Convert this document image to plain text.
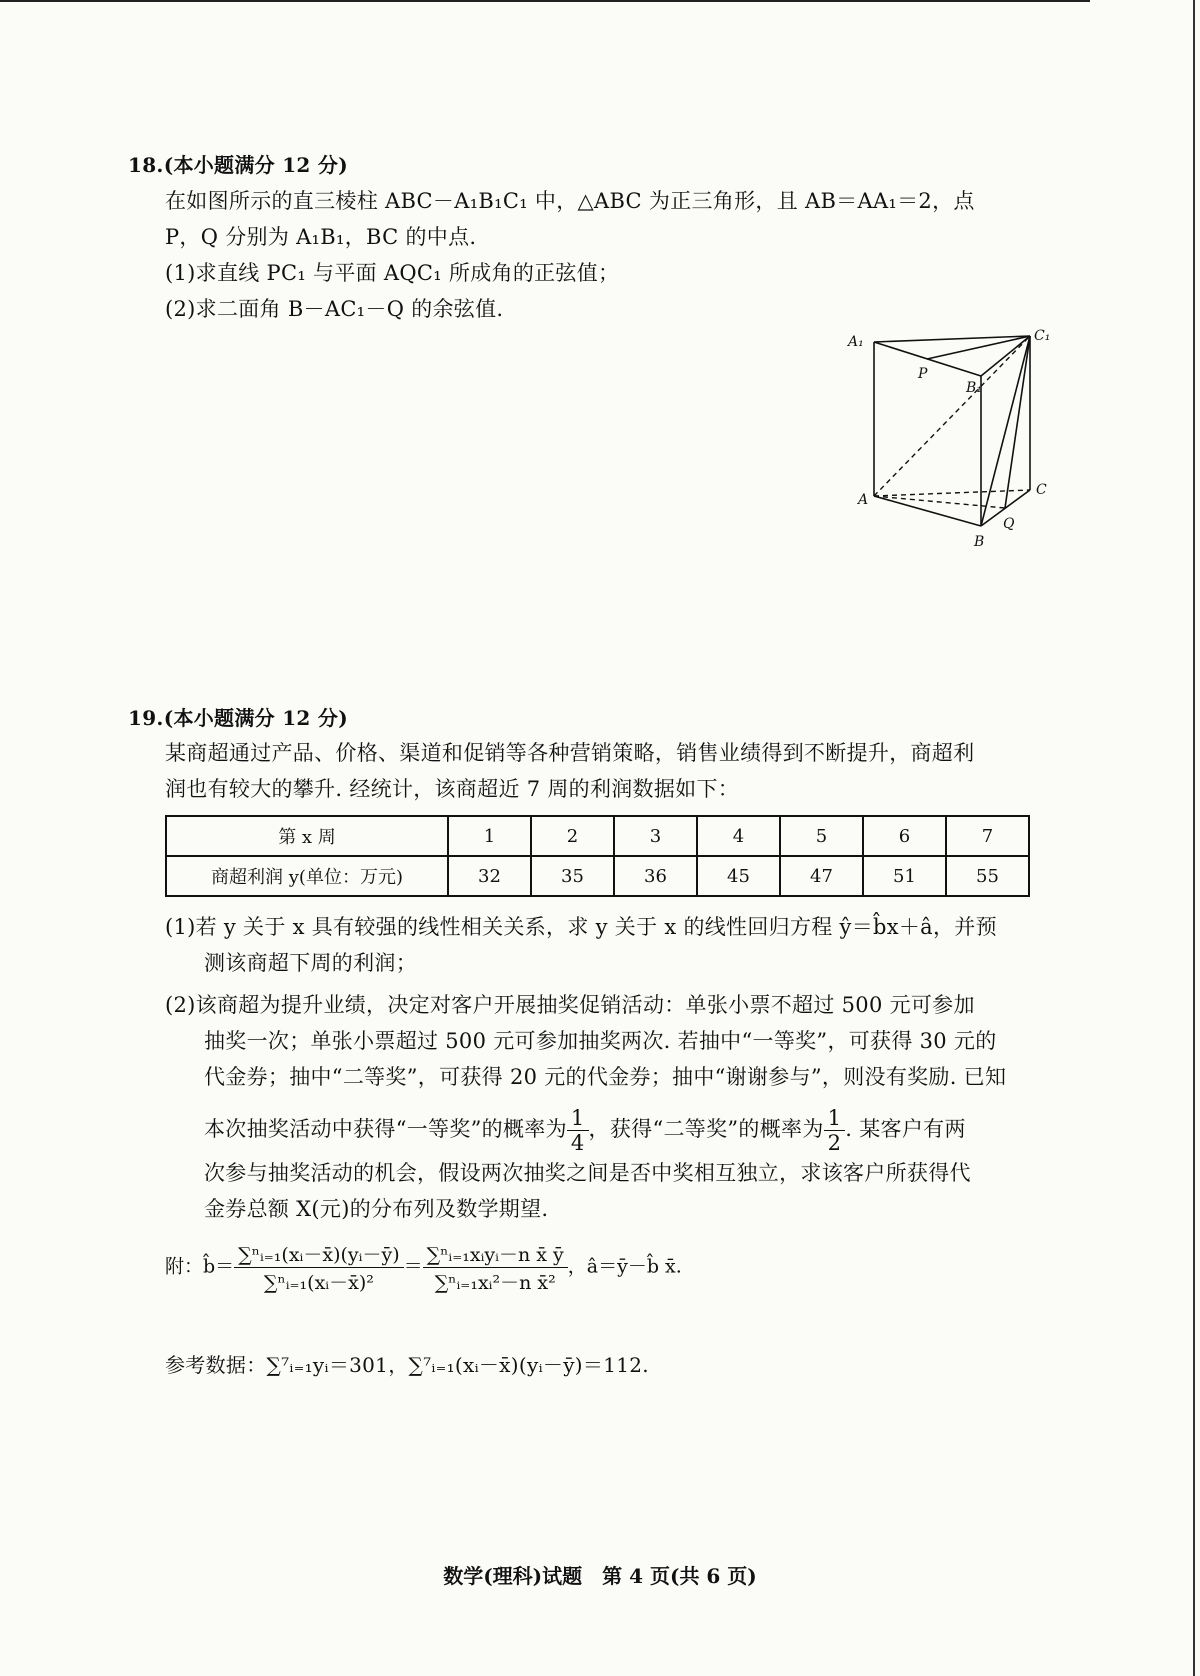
18.(本小题满分 12 分)
在如图所示的直三棱柱 ABC－A₁B₁C₁ 中，△ABC 为正三角形，且 AB＝AA₁＝2，点
P，Q 分别为 A₁B₁，BC 的中点.
(1)求直线 PC₁ 与平面 AQC₁ 所成角的正弦值；
(2)求二面角 B－AC₁－Q 的余弦值.
A₁	C₁
P
B₁
A
C
Q
B
19.(本小题满分 12 分)
某商超通过产品、价格、渠道和促销等各种营销策略，销售业绩得到不断提升，商超利
润也有较大的攀升. 经统计，该商超近 7 周的利润数据如下：
第 x 周	1	2	3	4	5	6	7
商超利润 y(单位：万元)	32	35	36	45	47	51	55
(1)若 y 关于 x 具有较强的线性相关关系，求 y 关于 x 的线性回归方程 ŷ＝b̂x＋â，并预
测该商超下周的利润；
(2)该商超为提升业绩，决定对客户开展抽奖促销活动：单张小票不超过 500 元可参加
抽奖一次；单张小票超过 500 元可参加抽奖两次. 若抽中“一等奖”，可获得 30 元的
代金券；抽中“二等奖”，可获得 20 元的代金券；抽中“谢谢参与”，则没有奖励. 已知
本次抽奖活动中获得“一等奖”的概率为 $\frac{1}{4}$ ，获得“二等奖”的概率为 $\frac{1}{2}$ . 某客户有两
次参与抽奖活动的机会，假设两次抽奖之间是否中奖相互独立，求该客户所获得代
金券总额 X(元)的分布列及数学期望.
附：b̂＝ $\frac{\text{∑ⁿᵢ₌₁(xᵢ－x̄)(yᵢ－ȳ)}}{\text{∑ⁿᵢ₌₁(xᵢ－x̄)²}} = \frac{\text{∑ⁿᵢ₌₁xᵢyᵢ－n x̄ ȳ}}{\text{∑ⁿᵢ₌₁xᵢ²－n x̄²}}$ ，â＝ȳ－b̂ x̄.
参考数据：∑⁷ᵢ₌₁yᵢ＝301，∑⁷ᵢ₌₁(xᵢ－x̄)(yᵢ－ȳ)＝112.
数学(理科)试题　第 4 页(共 6 页)
